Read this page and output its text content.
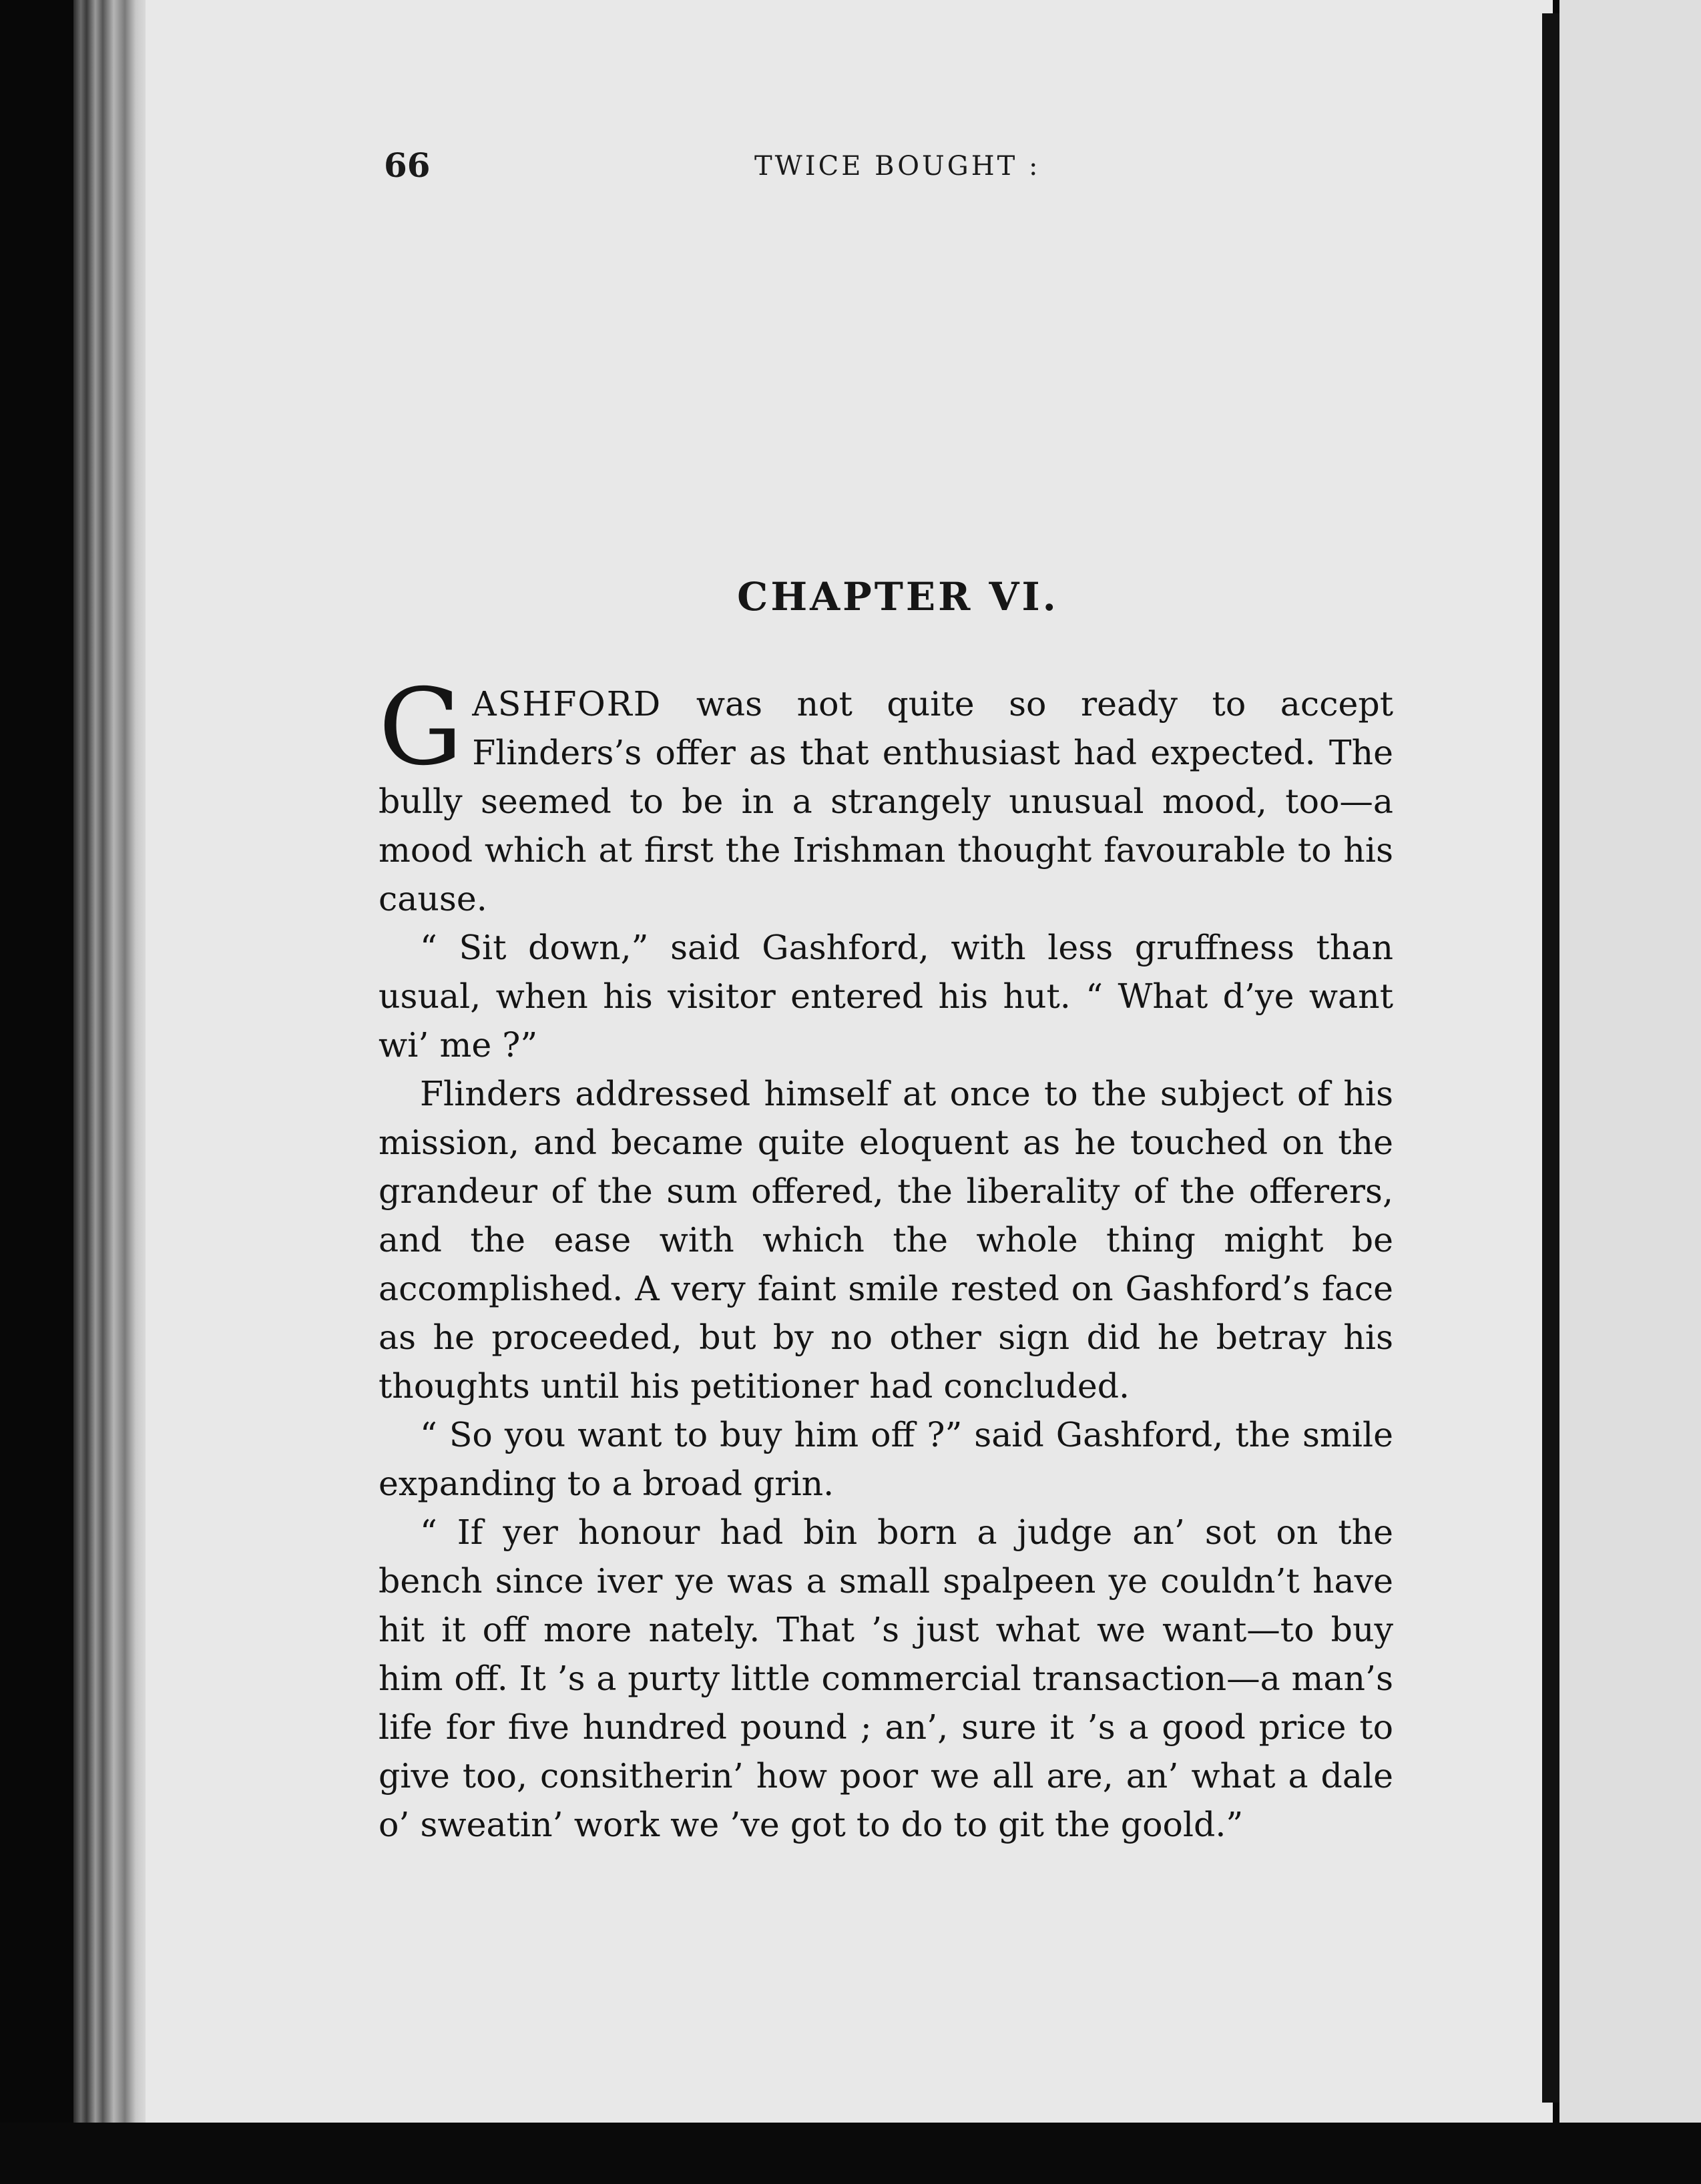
66	TWICE BOUGHT :
CHAPTER VI.

GASHFORD was not quite so ready to accept Flinders’s offer as that enthusiast had expected. The bully seemed to be in a strangely unusual mood, too—a mood which at first the Irishman thought favourable to his cause.

“ Sit down,” said Gashford, with less gruffness than usual, when his visitor entered his hut. “ What d’ye want wi’ me ?”

Flinders addressed himself at once to the subject of his mission, and became quite eloquent as he touched on the grandeur of the sum offered, the liberality of the offerers, and the ease with which the whole thing might be accomplished. A very faint smile rested on Gashford’s face as he proceeded, but by no other sign did he betray his thoughts until his petitioner had concluded.

“ So you want to buy him off ?” said Gashford, the smile expanding to a broad grin.

“ If yer honour had bin born a judge an’ sot on the bench since iver ye was a small spalpeen ye couldn’t have hit it off more nately. That ’s just what we want—to buy him off. It ’s a purty little commercial transaction—a man’s life for five hundred pound ; an’, sure it ’s a good price to give too, consitherin’ how poor we all are, an’ what a dale o’ sweatin’ work we ’ve got to do to git the goold.”
